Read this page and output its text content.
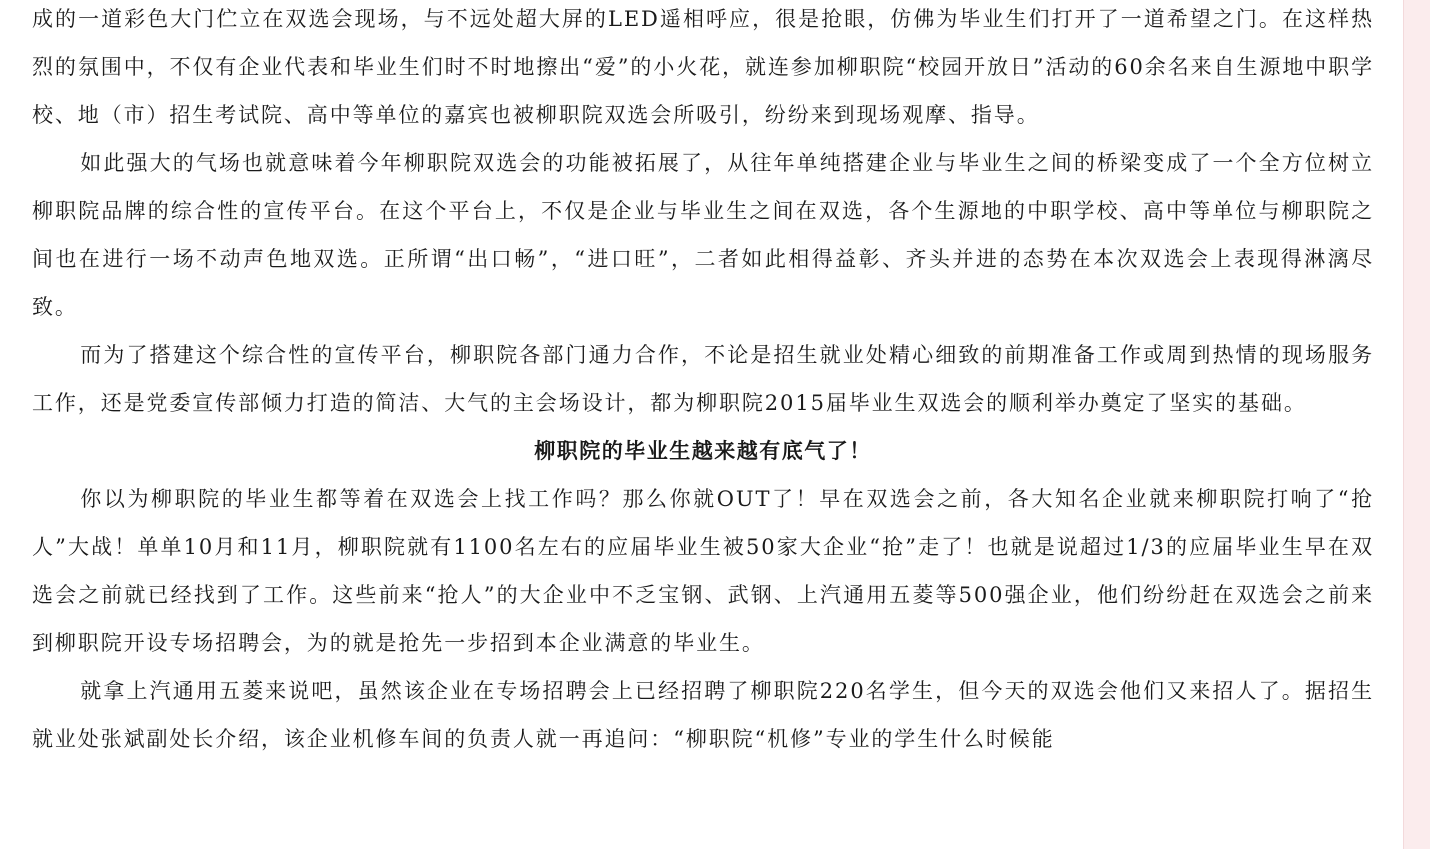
成的一道彩色大门伫立在双选会现场，与不远处超大屏的LED遥相呼应，很是抢眼，仿佛为毕业生们打开了一道希望之门。在这样热烈的氛围中，不仅有企业代表和毕业生们时不时地擦出“爱”的小火花，就连参加柳职院“校园开放日”活动的60余名来自生源地中职学校、地（市）招生考试院、高中等单位的嘉宾也被柳职院双选会所吸引，纷纷来到现场观摩、指导。

如此强大的气场也就意味着今年柳职院双选会的功能被拓展了，从往年单纯搭建企业与毕业生之间的桥梁变成了一个全方位树立柳职院品牌的综合性的宣传平台。在这个平台上，不仅是企业与毕业生之间在双选，各个生源地的中职学校、高中等单位与柳职院之间也在进行一场不动声色地双选。正所谓“出口畅”，“进口旺”，二者如此相得益彰、齐头并进的态势在本次双选会上表现得淋漓尽致。

而为了搭建这个综合性的宣传平台，柳职院各部门通力合作，不论是招生就业处精心细致的前期准备工作或周到热情的现场服务工作，还是党委宣传部倾力打造的简洁、大气的主会场设计，都为柳职院2015届毕业生双选会的顺利举办奠定了坚实的基础。

柳职院的毕业生越来越有底气了！

你以为柳职院的毕业生都等着在双选会上找工作吗？那么你就OUT了！早在双选会之前，各大知名企业就来柳职院打响了“抢人”大战！单单10月和11月，柳职院就有1100名左右的应届毕业生被50家大企业“抢”走了！也就是说超过1/3的应届毕业生早在双选会之前就已经找到了工作。这些前来“抢人”的大企业中不乏宝钢、武钢、上汽通用五菱等500强企业，他们纷纷赶在双选会之前来到柳职院开设专场招聘会，为的就是抢先一步招到本企业满意的毕业生。

就拿上汽通用五菱来说吧，虽然该企业在专场招聘会上已经招聘了柳职院220名学生，但今天的双选会他们又来招人了。据招生就业处张斌副处长介绍，该企业机修车间的负责人就一再追问：“柳职院“机修”专业的学生什么时候能
